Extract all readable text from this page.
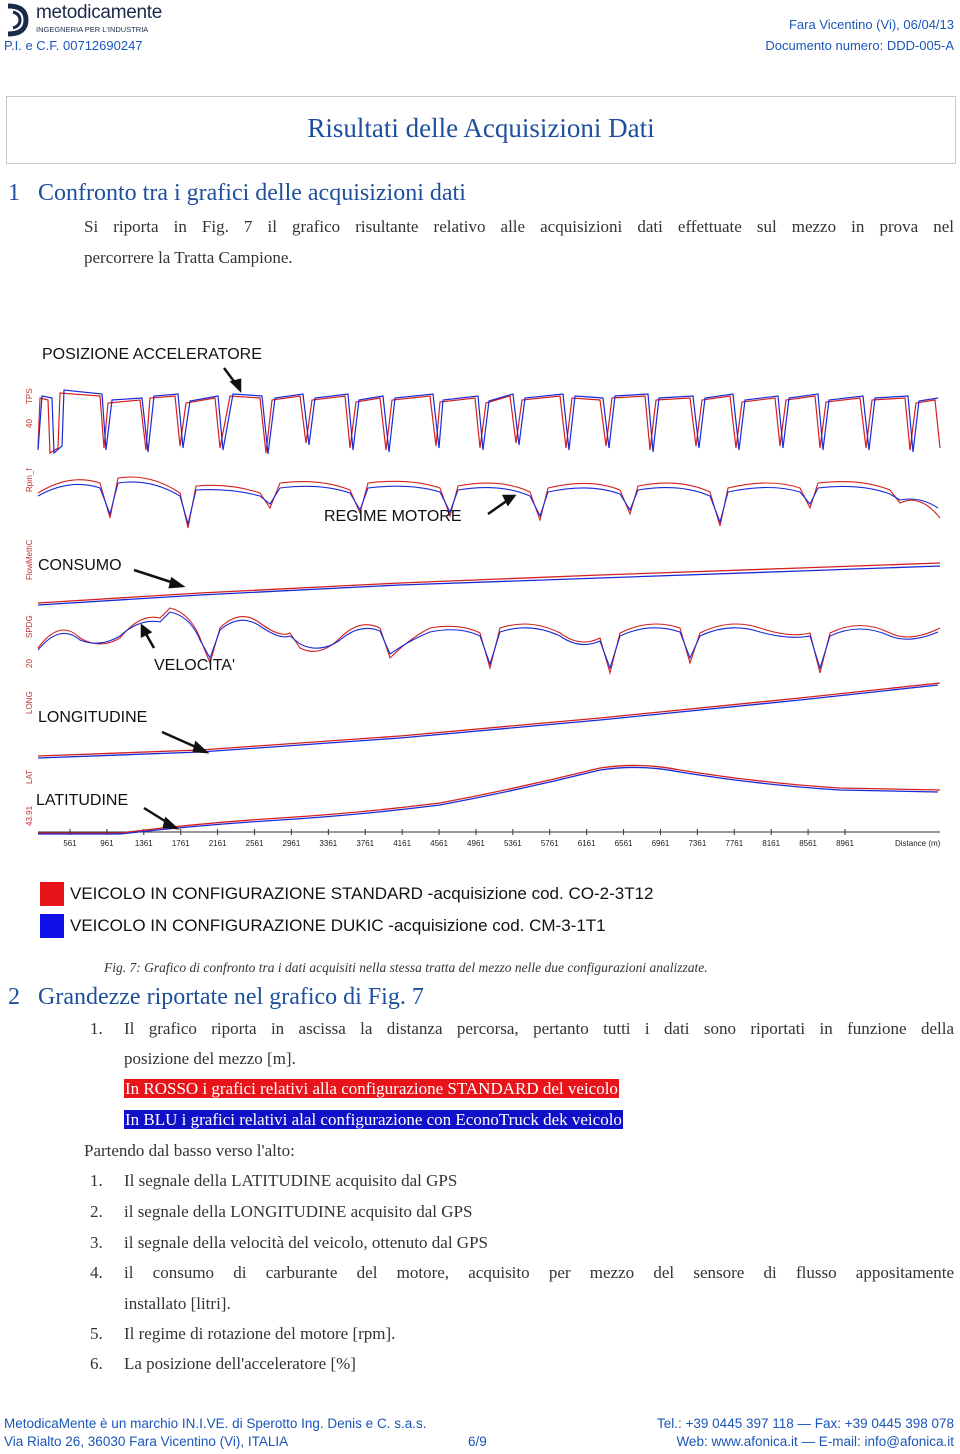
metodicamente
INGEGNERIA PER L'INDUSTRIA
P.I. e C.F. 00712690247
Fara Vicentino (Vi), 06/04/13
Documento numero: DDD-005-A
Risultati delle Acquisizioni Dati
1   Confronto tra i grafici delle acquisizioni dati
Si riporta in Fig. 7 il grafico risultante relativo alle acquisizioni dati effettuate sul mezzo in prova nel
percorrere la Tratta Campione.
561	961	1361 1761 2161 2561 2961 3361 3761 4161 4561 4961 5361 5761 6161 6561 6961 7361 7761 8161 8561 8961	Distance (m)
TPS
40
Rpm_f
FlowMethC
SPDG
20
LONG
LAT
43.91
POSIZIONE ACCELERATORE
REGIME MOTORE
CONSUMO
VELOCITA'
LONGITUDINE
LATITUDINE
VEICOLO IN CONFIGURAZIONE STANDARD -acquisizione cod. CO-2-3T12
VEICOLO IN CONFIGURAZIONE DUKIC -acquisizione cod. CM-3-1T1
Fig. 7: Grafico di confronto tra i dati acquisiti nella stessa tratta del mezzo nelle due configurazioni analizzate.
2   Grandezze riportate nel grafico di Fig. 7
1. Il grafico riporta in ascissa la distanza percorsa, pertanto tutti i dati sono riportati in funzione della
posizione del mezzo [m].
In ROSSO i grafici relativi alla configurazione STANDARD del veicolo
In BLU i grafici relativi alal configurazione con EconoTruck dek veicolo
Partendo dal basso verso l'alto:
1. Il segnale della LATITUDINE acquisito dal GPS
2. il segnale della LONGITUDINE acquisito dal GPS
3. il segnale della velocità del veicolo, ottenuto dal GPS
4. il consumo di carburante del motore, acquisito per mezzo del sensore di flusso appositamente
installato [litri].
5. Il regime di rotazione del motore [rpm].
6. La posizione dell'acceleratore [%]
MetodicaMente è un marchio IN.I.VE. di Sperotto Ing. Denis e C. s.a.s.
Via Rialto 26, 36030 Fara Vicentino (Vi), ITALIA	6/9
Tel.: +39 0445 397 118 — Fax: +39 0445 398 078
Web: www.afonica.it — E-mail: info@afonica.it
